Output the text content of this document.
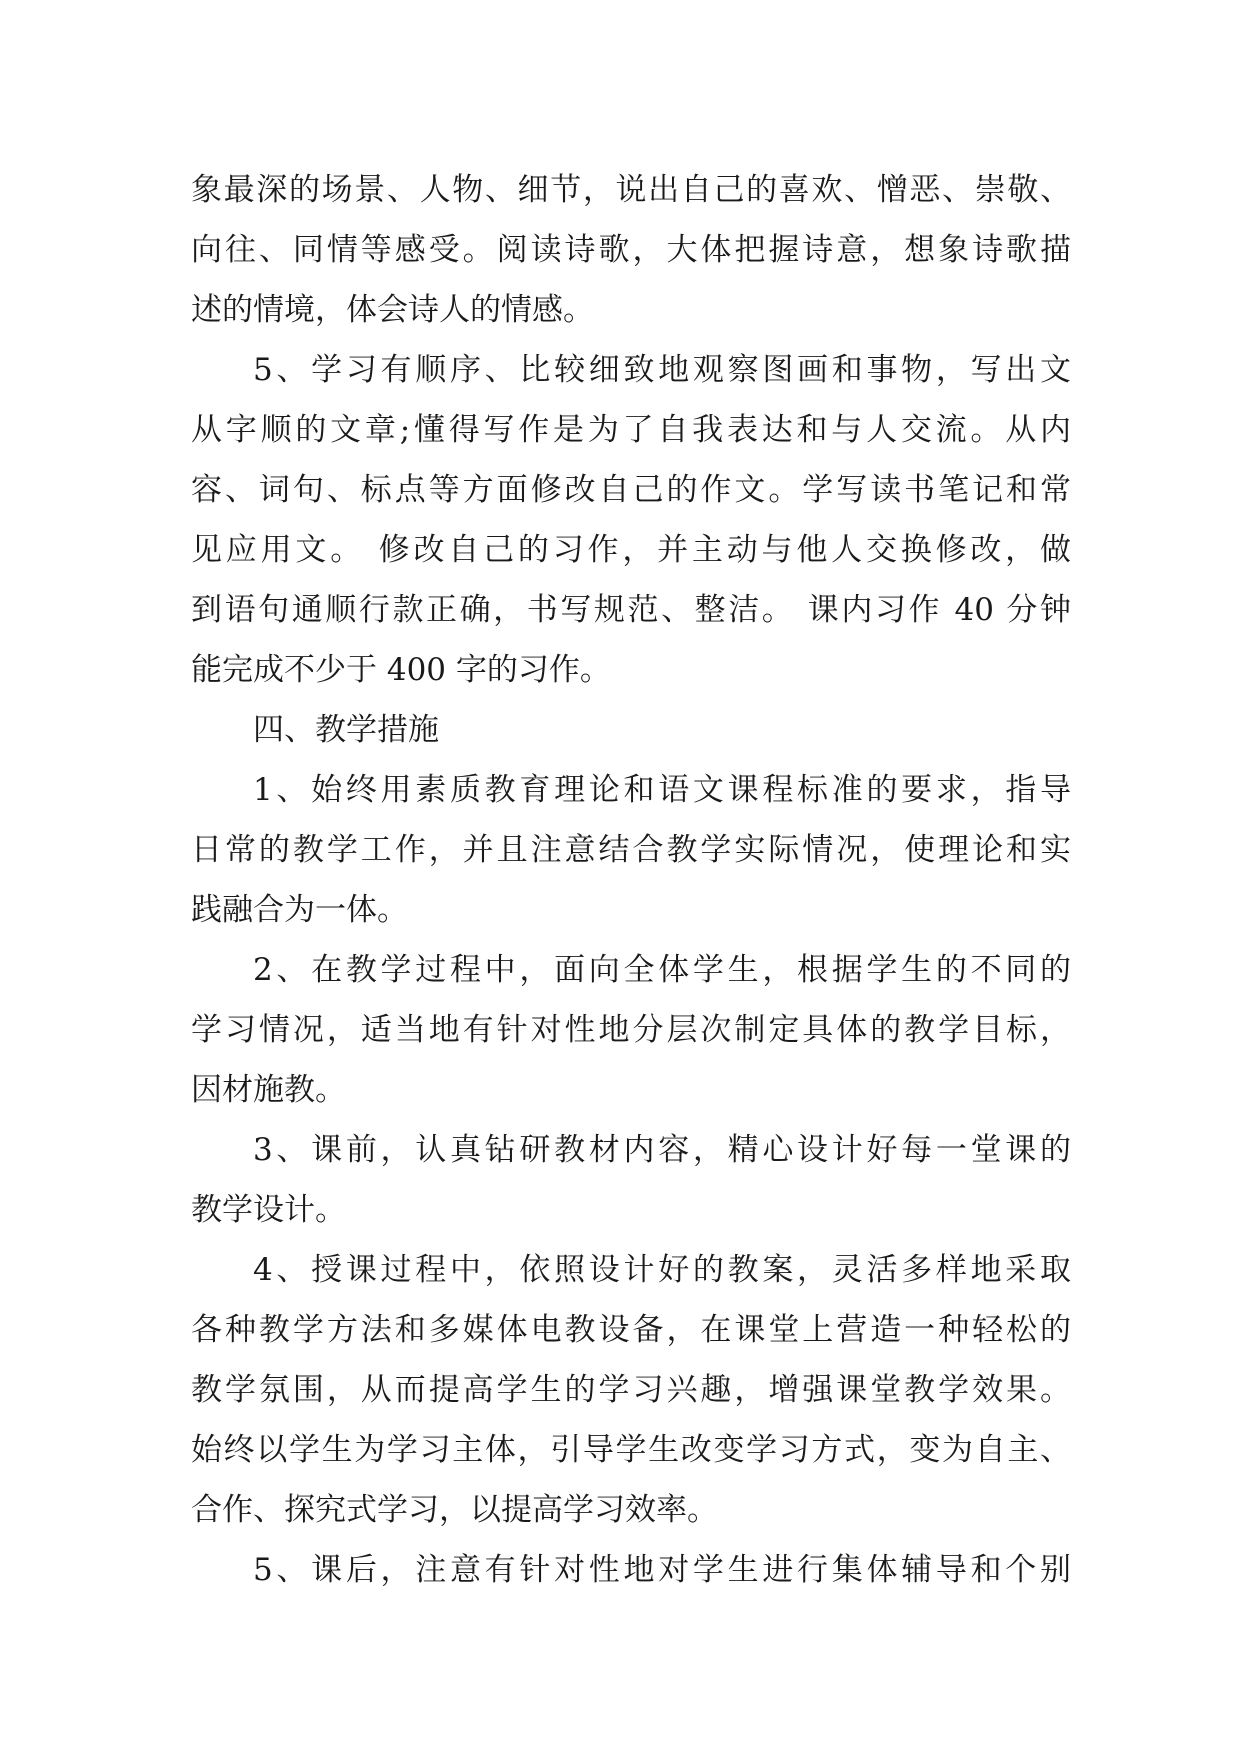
象最深的场景、人物、细节，说出自己的喜欢、憎恶、崇敬、
向往、同情等感受。阅读诗歌，大体把握诗意，想象诗歌描
述的情境，体会诗人的情感。
5、学习有顺序、比较细致地观察图画和事物，写出文
从字顺的文章;懂得写作是为了自我表达和与人交流。从内
容、词句、标点等方面修改自己的作文。学写读书笔记和常
见应用文。 修改自己的习作，并主动与他人交换修改，做
到语句通顺行款正确，书写规范、整洁。 课内习作 40 分钟
能完成不少于 400 字的习作。
四、教学措施
1、始终用素质教育理论和语文课程标准的要求，指导
日常的教学工作，并且注意结合教学实际情况，使理论和实
践融合为一体。
2、在教学过程中，面向全体学生，根据学生的不同的
学习情况，适当地有针对性地分层次制定具体的教学目标，
因材施教。
3、课前，认真钻研教材内容，精心设计好每一堂课的
教学设计。
4、授课过程中，依照设计好的教案，灵活多样地采取
各种教学方法和多媒体电教设备，在课堂上营造一种轻松的
教学氛围，从而提高学生的学习兴趣，增强课堂教学效果。
始终以学生为学习主体，引导学生改变学习方式，变为自主、
合作、探究式学习，以提高学习效率。
5、课后，注意有针对性地对学生进行集体辅导和个别
